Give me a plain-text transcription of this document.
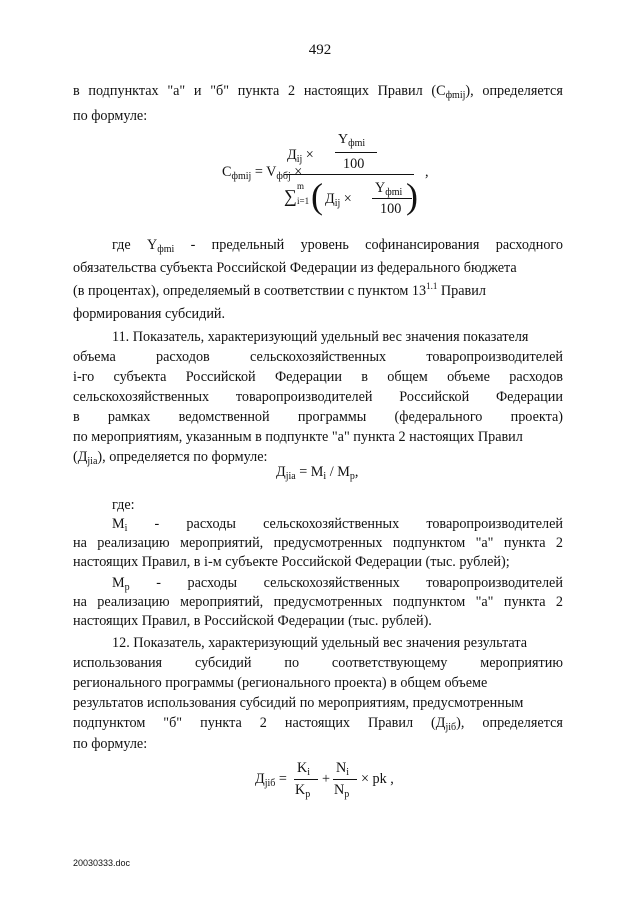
492
в подпунктах "а" и "б" пункта 2 настоящих Правил $(С_{фmij})$, определяется
по формуле:
$С_{фmij} = V_{фбj}$ ×
$Y_{фmi}$
$Д_{ij}$ ×
100
∑ m
i=1 ( $Д_{ij}$ ×
$Y_{фmi}$
100 )
,
где $Y_{фmi}$ - предельный уровень софинансирования расходного
обязательства субъекта Российской Федерации из федерального бюджета
(в процентах), определяемый в соответствии с пунктом $13^{1.1}$ Правил
формирования субсидий.
11. Показатель, характеризующий удельный вес значения показателя
объема	расходов	сельскохозяйственных	товаропроизводителей
i-го субъекта Российской Федерации в общем объеме расходов
сельскохозяйственных товаропроизводителей Российской Федерации
в рамках ведомственной программы (федерального проекта)
по мероприятиям, указанным в подпункте "а" пункта 2 настоящих Правил
$(Д_{jia})$, определяется по формуле:
$Д_{jia} = M_i / M_p$,
где:
$M_i$ - расходы сельскохозяйственных товаропроизводителей
на реализацию мероприятий, предусмотренных подпунктом "а" пункта 2
настоящих Правил, в i-м субъекте Российской Федерации (тыс. рублей);
$M_p$ - расходы сельскохозяйственных товаропроизводителей
на реализацию мероприятий, предусмотренных подпунктом "а" пункта 2
настоящих Правил, в Российской Федерации (тыс. рублей).
12. Показатель, характеризующий удельный вес значения результата
использования субсидий по соответствующему мероприятию
регионального программы (регионального проекта) в общем объеме
результатов использования субсидий по мероприятиям, предусмотренным
подпунктом "б" пункта 2 настоящих Правил $(Д_{jiб})$, определяется
по формуле:
$Д_{jiб}$ =
$K_i$
$K_p$
+
$N_i$
$N_p$
× pk ,
20030333.doc
